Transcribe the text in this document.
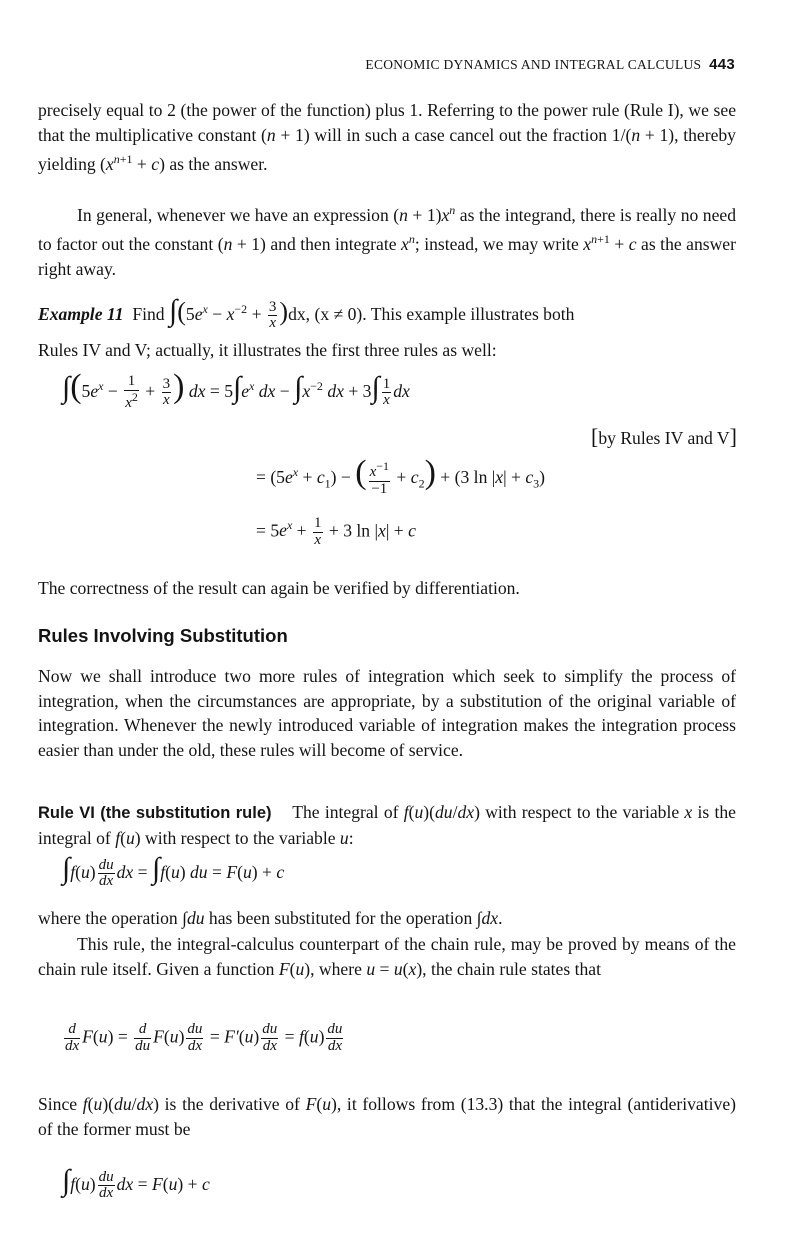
ECONOMIC DYNAMICS AND INTEGRAL CALCULUS 443

precisely equal to 2 (the power of the function) plus 1. Referring to the power rule (Rule I), we see that the multiplicative constant (n + 1) will in such a case cancel out the fraction 1/(n + 1), thereby yielding $(x^{n+1} + c)$ as the answer.

In general, whenever we have an expression $(n + 1)x^n$ as the integrand, there is really no need to factor out the constant (n + 1) and then integrate $x^n$; instead, we may write $x^{n+1} + c$ as the answer right away.

Example 11 Find $\int(5e^x - x^{-2} + \frac{3}{x} )dx$, (x ≠ 0). This example illustrates both

Rules IV and V; actually, it illustrates the first three rules as well:

$\int(5e^x - \frac{1}{x^2} + \frac{3}{x}$ ) dx = $5\int e^x$ dx − $\int x^{-2}$ dx + $3\int \frac{1}{x}$ dx
[by Rules IV and V]
= $(5e^x + c_1)$ − ( $\frac{x^{-1}}{-1} + c_2) + (3$ $\ln |x| + c_3$)
= $5e^x + \frac{1}{x} + 3$ ln |x| + c

The correctness of the result can again be verified by differentiation.

Rules Involving Substitution

Now we shall introduce two more rules of integration which seek to simplify the process of integration, when the circumstances are appropriate, by a substitution of the original variable of integration. Whenever the newly introduced variable of integration makes the integration process easier than under the old, these rules will become of service.

Rule VI (the substitution rule)    The integral of f(u)(du/dx) with respect to the variable x is the integral of f(u) with respect to the variable u:

$\int f(u) \frac{du}{dx}$ dx = ∫f(u) du = F(u) + c

where the operation ∫du has been substituted for the operation ∫dx.

This rule, the integral-calculus counterpart of the chain rule, may be proved by means of the chain rule itself. Given a function F(u), where u = u(x), the chain rule states that

$\frac{d}{dx} F(u) = \frac{d}{du} F(u) \frac{du}{dx} = F'(u) \frac{du}{dx} = f(u) \frac{du}{dx}$

Since f(u)(du/dx) is the derivative of F(u), it follows from (13.3) that the integral (antiderivative) of the former must be

$\int f(u) \frac{du}{dx}$ dx = F(u) + c
